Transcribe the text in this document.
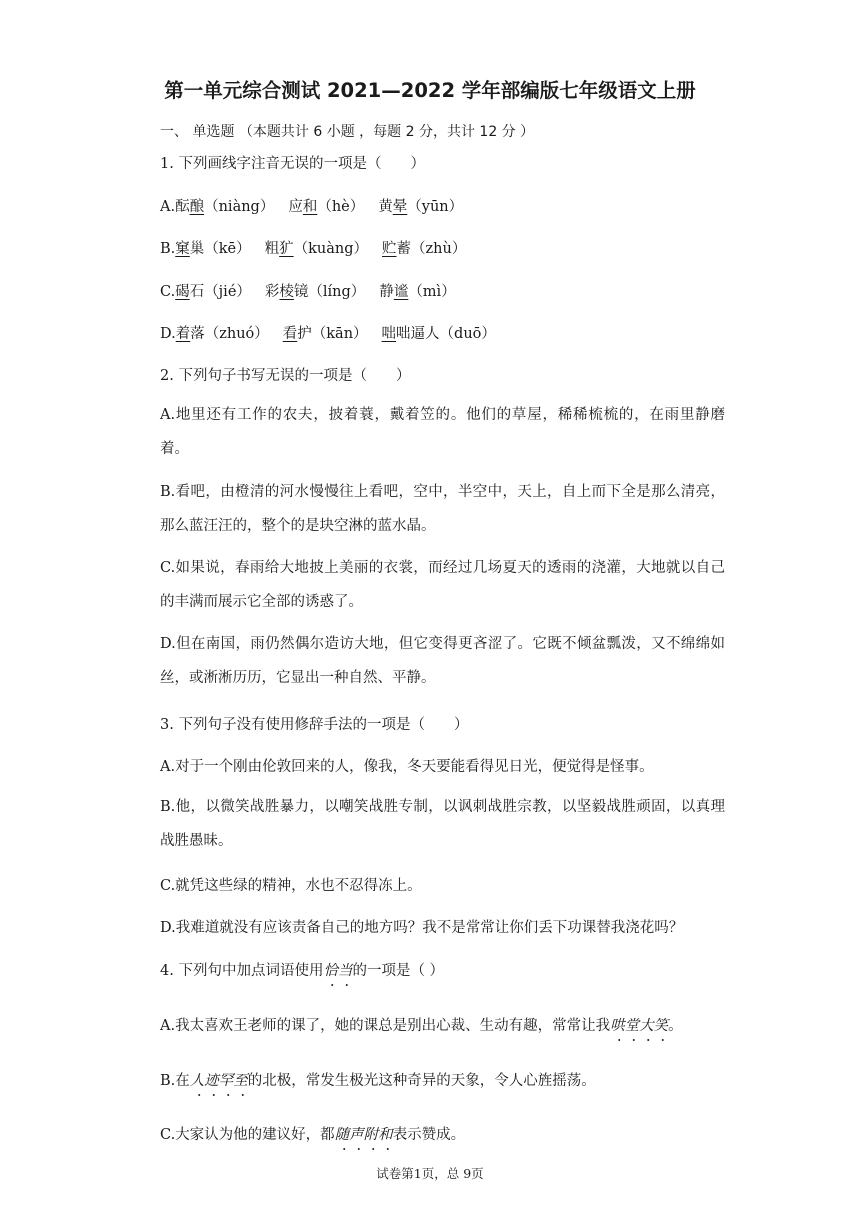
第一单元综合测试 2021—2022 学年部编版七年级语文上册
一、 单选题 （本题共计 6 小题 ，每题 2 分，共计 12 分 ）
1. 下列画线字注音无误的一项是（　　）
A.酝酿（niàng） 应和（hè） 黄晕（yūn）
B.窠巢（kē） 粗犷（kuàng） 贮蓄（zhù）
C.碣石（jié） 彩棱镜（líng） 静谧（mì）
D.着落（zhuó） 看护（kān） 咄咄逼人（duō）
2. 下列句子书写无误的一项是（　　）
A.地里还有工作的农夫，披着蓑，戴着笠的。他们的草屋，稀稀梳梳的，在雨里静磨着。
B.看吧，由橙清的河水慢慢往上看吧，空中，半空中，天上，自上而下全是那么清亮，那么蓝汪汪的，整个的是块空淋的蓝水晶。
C.如果说，春雨给大地披上美丽的衣裳，而经过几场夏天的透雨的浇灌，大地就以自己的丰满而展示它全部的诱惑了。
D.但在南国，雨仍然偶尔造访大地，但它变得更吝涩了。它既不倾盆瓢泼，又不绵绵如丝，或淅淅历历，它显出一种自然、平静。
3. 下列句子没有使用修辞手法的一项是（　　）
A.对于一个刚由伦敦回来的人，像我，冬天要能看得见日光，便觉得是怪事。
B.他，以微笑战胜暴力，以嘲笑战胜专制，以讽刺战胜宗教，以坚毅战胜顽固，以真理战胜愚昧。
C.就凭这些绿的精神，水也不忍得冻上。
D.我难道就没有应该责备自己的地方吗？我不是常常让你们丢下功课替我浇花吗？
4. 下列句中加点词语使用恰当的一项是（ ）
A.我太喜欢王老师的课了，她的课总是别出心裁、生动有趣，常常让我哄堂大笑。
B.在人迹罕至的北极，常发生极光这种奇异的天象，令人心旌摇荡。
C.大家认为他的建议好，都随声附和表示赞成。
试卷第1页，总 9页
